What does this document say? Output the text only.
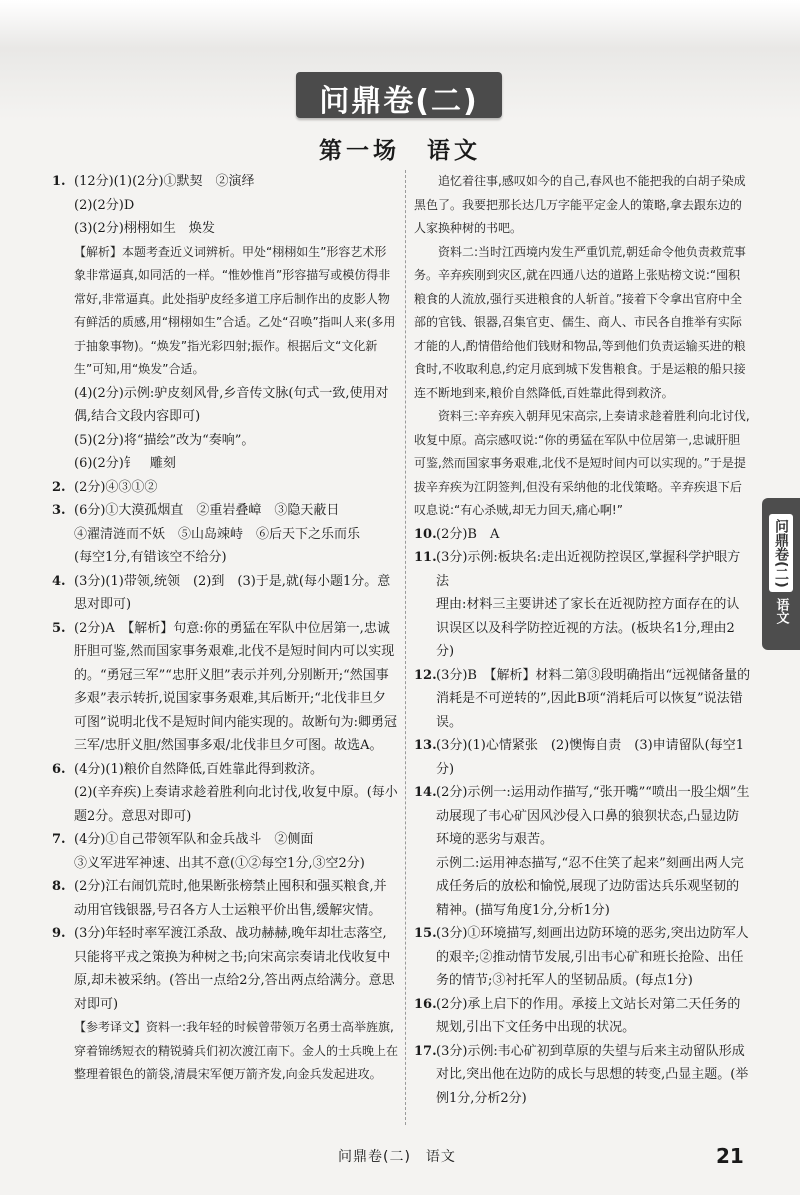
问鼎卷(二)
第一场　语文
1. (12分)(1)(2分)①默契　②演绎
(2)(2分)D
(3)(2分)栩栩如生　焕发
【解析】本题考查近义词辨析。甲处“栩栩如生”形容艺术形象非常逼真,如同活的一样。“惟妙惟肖”形容描写或模仿得非常好,非常逼真。此处指驴皮经多道工序后制作出的皮影人物有鲜活的质感,用“栩栩如生”合适。乙处“召唤”指叫人来(多用于抽象事物)。“焕发”指光彩四射;振作。根据后文“文化新生”可知,用“焕发”合适。
(4)(2分)示例:驴皮刻风骨,乡音传文脉(句式一致,使用对偶,结合文段内容即可)
(5)(2分)将“描绘”改为“奏响”。
(6)(2分)钅　雕刻
2. (2分)④③①②
3. (6分)①大漠孤烟直　②重岩叠嶂　③隐天蔽日
④濯清涟而不妖　⑤山岛竦峙　⑥后天下之乐而乐
(每空1分,有错该空不给分)
4. (3分)(1)带领,统领　(2)到　(3)于是,就(每小题1分。意思对即可)
5. (2分)A　【解析】句意:你的勇猛在军队中位居第一,忠诚肝胆可鉴,然而国家事务艰难,北伐不是短时间内可以实现的。“勇冠三军”“忠肝义胆”表示并列,分别断开;“然国事多艰”表示转折,说国家事务艰难,其后断开;“北伐非旦夕可图”说明北伐不是短时间内能实现的。故断句为:卿勇冠三军/忠肝义胆/然国事多艰/北伐非旦夕可图。故选A。
6. (4分)(1)粮价自然降低,百姓靠此得到救济。
(2)(辛弃疾)上奏请求趁着胜利向北讨伐,收复中原。(每小题2分。意思对即可)
7. (4分)①自己带领军队和金兵战斗　②侧面
③义军进军神速、出其不意(①②每空1分,③空2分)
8. (2分)江右闹饥荒时,他果断张榜禁止囤积和强买粮食,并动用官钱银器,号召各方人士运粮平价出售,缓解灾情。
9. (3分)年轻时率军渡江杀敌、战功赫赫,晚年却壮志落空,只能将平戎之策换为种树之书;向宋高宗奏请北伐收复中原,却未被采纳。(答出一点给2分,答出两点给满分。意思对即可)
【参考译文】资料一:我年轻的时候曾带领万名勇士高举旌旗,穿着锦绣短衣的精锐骑兵们初次渡江南下。金人的士兵晚上在整理着银色的箭袋,清晨宋军便万箭齐发,向金兵发起进攻。
追忆着往事,感叹如今的自己,春风也不能把我的白胡子染成黑色了。我要把那长达几万字能平定金人的策略,拿去跟东边的人家换种树的书吧。
资料二:当时江西境内发生严重饥荒,朝廷命令他负责救荒事务。辛弃疾刚到灾区,就在四通八达的道路上张贴榜文说:“囤积粮食的人流放,强行买进粮食的人斩首。”接着下令拿出官府中全部的官钱、银器,召集官吏、儒生、商人、市民各自推举有实际才能的人,酌情借给他们钱财和物品,等到他们负责运输买进的粮食时,不收取利息,约定月底到城下发售粮食。于是运粮的船只接连不断地到来,粮价自然降低,百姓靠此得到救济。
资料三:辛弃疾入朝拜见宋高宗,上奏请求趁着胜利向北讨伐,收复中原。高宗感叹说:“你的勇猛在军队中位居第一,忠诚肝胆可鉴,然而国家事务艰难,北伐不是短时间内可以实现的。”于是提拔辛弃疾为江阴签判,但没有采纳他的北伐策略。辛弃疾退下后叹息说:“有心杀贼,却无力回天,痛心啊!”
10. (2分)B　A
11. (3分)示例:板块名:走出近视防控误区,掌握科学护眼方法
理由:材料三主要讲述了家长在近视防控方面存在的认识误区以及科学防控近视的方法。(板块名1分,理由2分)
12. (3分)B　【解析】材料二第③段明确指出“远视储备量的消耗是不可逆转的”,因此B项“消耗后可以恢复”说法错误。
13. (3分)(1)心情紧张　(2)懊悔自责　(3)申请留队(每空1分)
14. (2分)示例一:运用动作描写,“张开嘴”“喷出一股尘烟”生动展现了韦心矿因风沙侵入口鼻的狼狈状态,凸显边防环境的恶劣与艰苦。
示例二:运用神态描写,“忍不住笑了起来”刻画出两人完成任务后的放松和愉悦,展现了边防雷达兵乐观坚韧的精神。(描写角度1分,分析1分)
15. (3分)①环境描写,刻画出边防环境的恶劣,突出边防军人的艰辛;②推动情节发展,引出韦心矿和班长抢险、出任务的情节;③衬托军人的坚韧品质。(每点1分)
16. (2分)承上启下的作用。承接上文站长对第二天任务的规划,引出下文任务中出现的状况。
17. (3分)示例:韦心矿初到草原的失望与后来主动留队形成对比,突出他在边防的成长与思想的转变,凸显主题。(举例1分,分析2分)
问鼎卷(二)
语文
问鼎卷(二)　语文	21
